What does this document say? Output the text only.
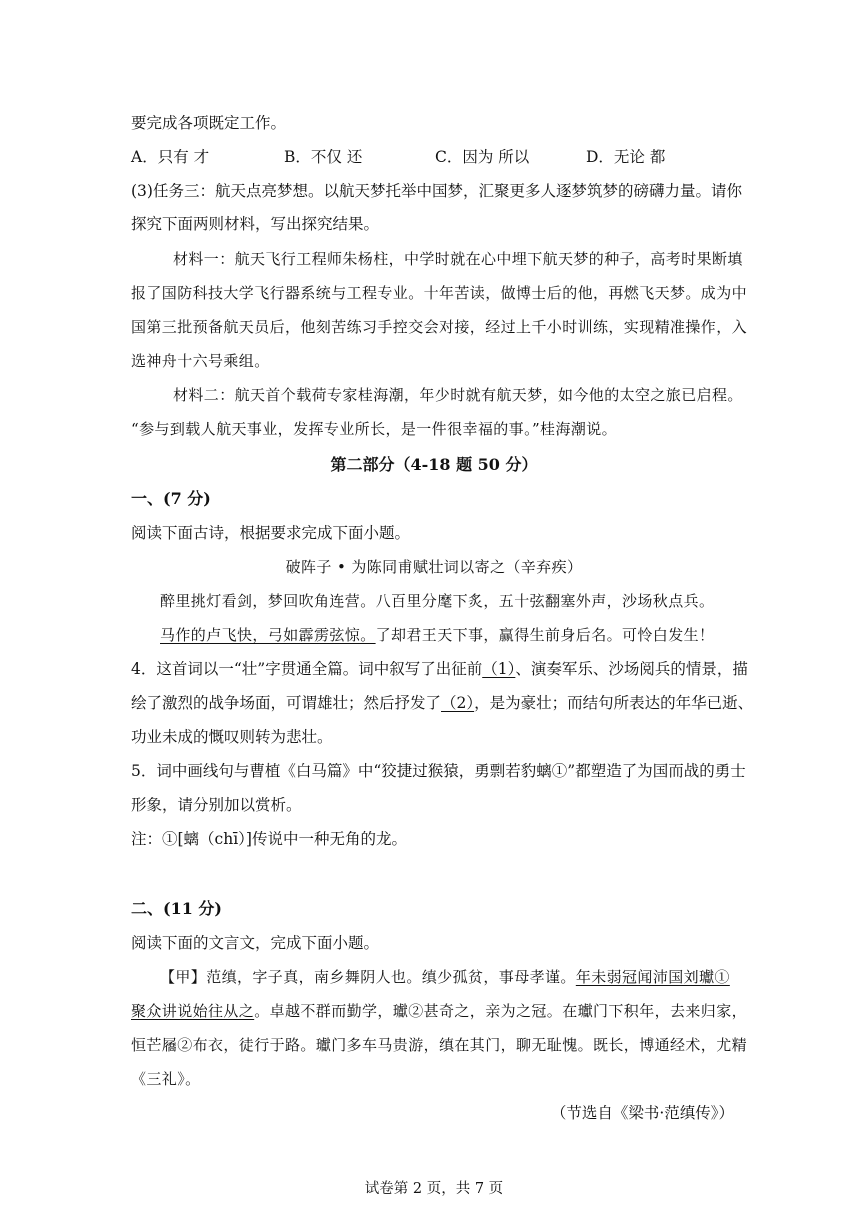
要完成各项既定工作。
A．只有 才	B．不仅 还	C．因为 所以	D．无论 都
(3)任务三：航天点亮梦想。以航天梦托举中国梦，汇聚更多人逐梦筑梦的磅礴力量。请你
探究下面两则材料，写出探究结果。
材料一：航天飞行工程师朱杨柱，中学时就在心中埋下航天梦的种子，高考时果断填
报了国防科技大学飞行器系统与工程专业。十年苦读，做博士后的他，再燃飞天梦。成为中
国第三批预备航天员后，他刻苦练习手控交会对接，经过上千小时训练，实现精准操作，入
选神舟十六号乘组。
材料二：航天首个载荷专家桂海潮，年少时就有航天梦，如今他的太空之旅已启程。
“参与到载人航天事业，发挥专业所长，是一件很幸福的事。”桂海潮说。
第二部分（4-18 题 50 分）
一、(7 分)
阅读下面古诗，根据要求完成下面小题。
破阵子 • 为陈同甫赋壮词以寄之（辛弃疾）
醉里挑灯看剑，梦回吹角连营。八百里分麾下炙，五十弦翻塞外声，沙场秋点兵。
马作的卢飞快，弓如霹雳弦惊。了却君王天下事，赢得生前身后名。可怜白发生！
4．这首词以一“壮”字贯通全篇。词中叙写了出征前（1）、演奏军乐、沙场阅兵的情景，描
绘了激烈的战争场面，可谓雄壮；然后抒发了（2），是为豪壮；而结句所表达的年华已逝、
功业未成的慨叹则转为悲壮。
5．词中画线句与曹植《白马篇》中“狡捷过猴猿，勇剽若豹螭①”都塑造了为国而战的勇士
形象，请分别加以赏析。
注：①[螭（chī）]传说中一种无角的龙。
二、(11 分)
阅读下面的文言文，完成下面小题。
【甲】范缜，字子真，南乡舞阴人也。缜少孤贫，事母孝谨。年未弱冠闻沛国刘瓛①
聚众讲说始往从之。卓越不群而勤学，瓛②甚奇之，亲为之冠。在瓛门下积年，去来归家，
恒芒屩②布衣，徒行于路。瓛门多车马贵游，缜在其门，聊无耻愧。既长，博通经术，尤精
《三礼》。
（节选自《梁书·范缜传》）
试卷第 2 页，共 7 页
